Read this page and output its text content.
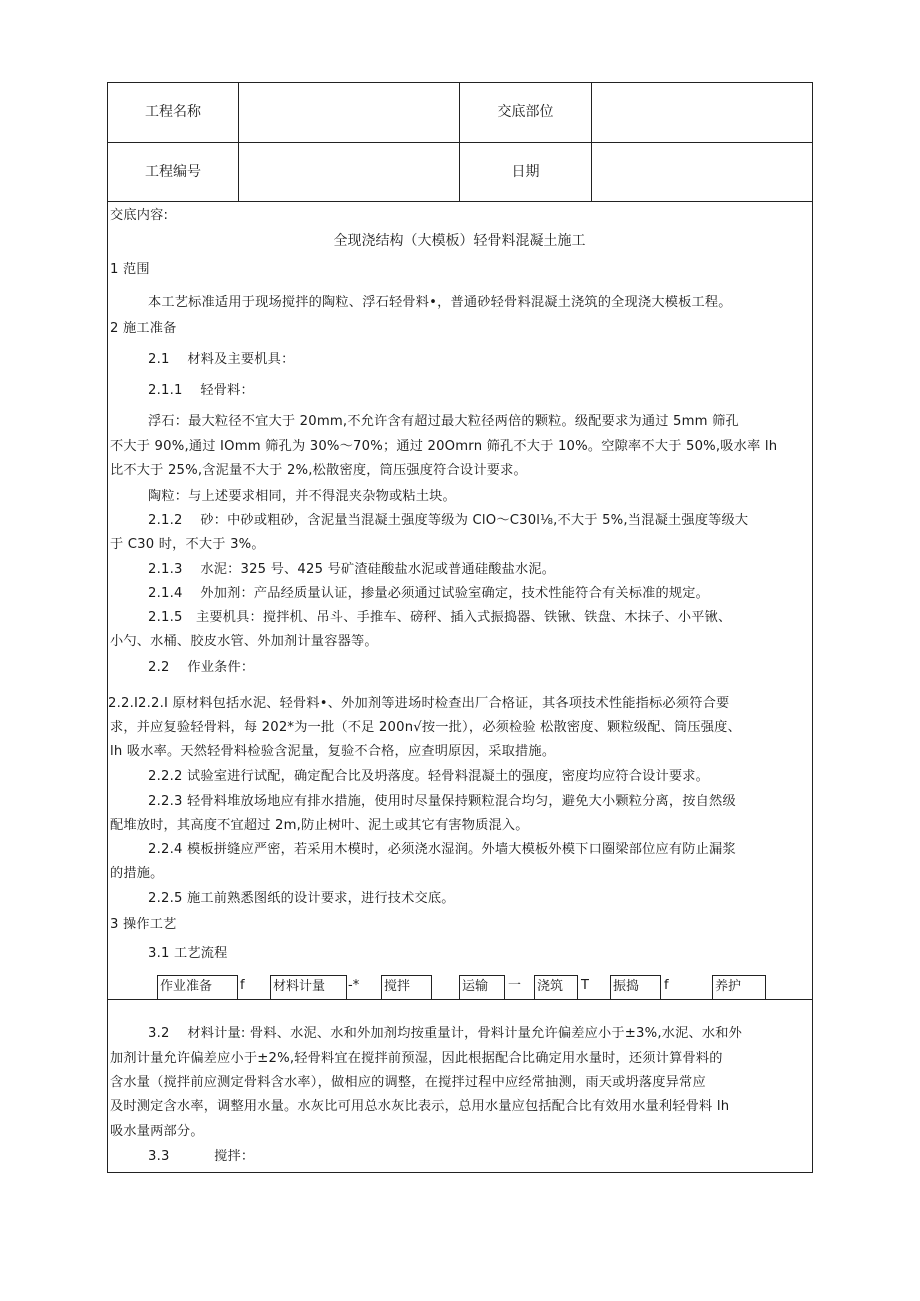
工程名称	交底部位
工程编号	日期
交底内容:
全现浇结构（大模板）轻骨料混凝土施工
1 范围
本工艺标准适用于现场搅拌的陶粒、浮石轻骨料•，普通砂轻骨料混凝土浇筑的全现浇大模板工程。
2 施工准备
2.1　 材料及主要机具：
2.1.1　 轻骨料：
浮石：最大粒径不宜大于 20mm,不允许含有超过最大粒径两倍的颗粒。级配要求为通过 5mm 筛孔
不大于 90%,通过 IOmm 筛孔为 30%～70%；通过 20Omrn 筛孔不大于 10%。空隙率不大于 50%,吸水率 lh
比不大于 25%,含泥量不大于 2%,松散密度，筒压强度符合设计要求。
陶粒：与上述要求相同，并不得混夹杂物或粘土块。
2.1.2　 砂：中砂或粗砂，含泥量当混凝土强度等级为 ClO～C30l⅛,不大于 5%,当混凝土强度等级大
于 C30 时，不大于 3%。
2.1.3　 水泥：325 号、425 号矿渣硅酸盐水泥或普通硅酸盐水泥。
2.1.4　 外加剂：产品经质量认证，掺量必须通过试验室确定，技术性能符合有关标准的规定。
2.1.5　主要机具：搅拌机、吊斗、手推车、磅秤、插入式振捣器、铁锹、铁盘、木抹子、小平锹、
小勺、水桶、胶皮水管、外加剂计量容器等。
2.2　 作业条件：
2.2.I2.2.I 原材料包括水泥、轻骨料•、外加剂等进场时检查出厂合格证，其各项技术性能指标必须符合要
求，并应复验轻骨料，每 202*为一批（不足 200n√按一批），必须检验 松散密度、颗粒级配、筒压强度、
lh 吸水率。天然轻骨料检验含泥量，复验不合格，应查明原因，采取措施。
2.2.2 试验室进行试配，确定配合比及坍落度。轻骨料混凝土的强度，密度均应符合设计要求。
2.2.3 轻骨料堆放场地应有排水措施，使用时尽量保持颗粒混合均匀，避免大小颗粒分离，按自然级
配堆放时，其高度不宜超过 2m,防止树叶、泥土或其它有害物质混入。
2.2.4 模板拼缝应严密，若采用木模时，必须浇水湿润。外墙大模板外模下口圈梁部位应有防止漏浆
的措施。
2.2.5 施工前熟悉图纸的设计要求，进行技术交底。
3 操作工艺
3.1 工艺流程
作业准备	f 材料计量	-* 搅拌	运输	一 浇筑	T 振捣	f	养护
3.2　 材料计量: 骨料、水泥、水和外加剂均按重量计，骨料计量允许偏差应小于±3%,水泥、水和外
加剂计量允许偏差应小于±2%,轻骨料宜在搅拌前预湿，因此根据配合比确定用水量时，还须计算骨料的
含水量（搅拌前应测定骨料含水率），做相应的调整，在搅拌过程中应经常抽测，雨天或坍落度异常应
及时测定含水率，调整用水量。水灰比可用总水灰比表示，总用水量应包括配合比有效用水量利轻骨料 lh
吸水量两部分。
3.3　　　 搅拌：
